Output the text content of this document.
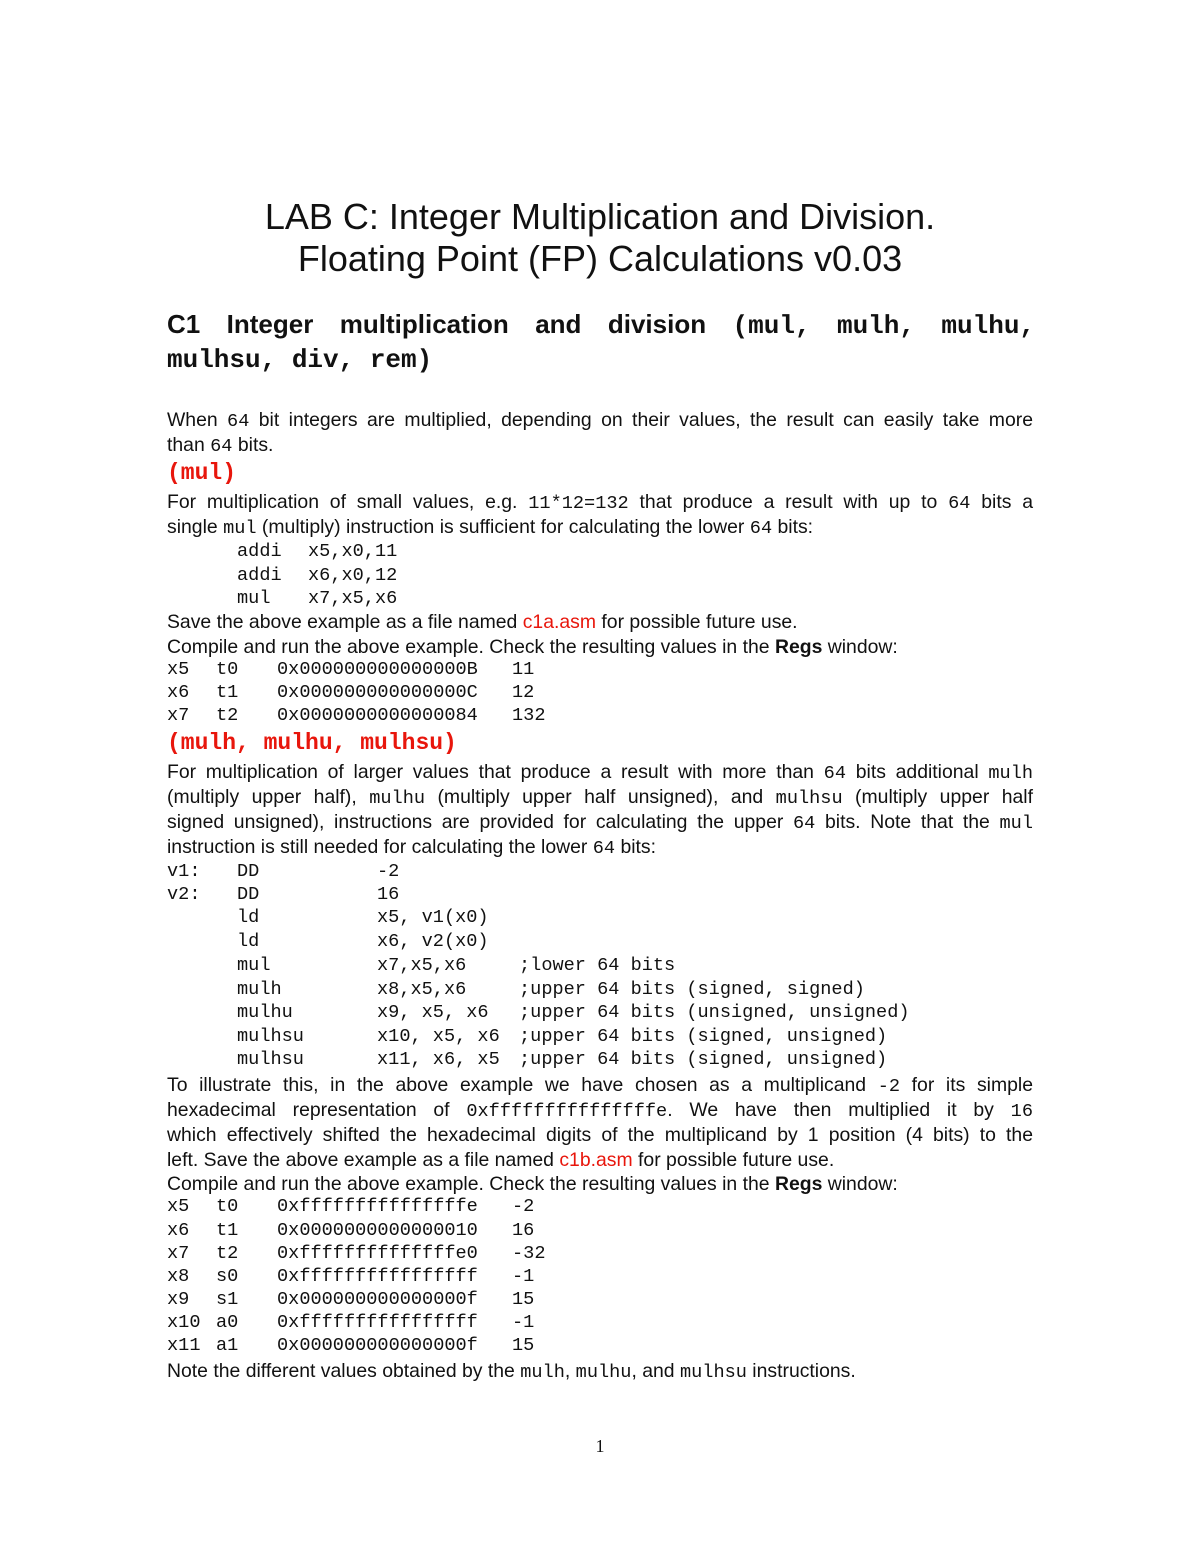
LAB C: Integer Multiplication and Division.
Floating Point (FP) Calculations v0.03
C1 Integer multiplication and division (mul, mulh, mulhu,
mulhsu, div, rem)
When 64 bit integers are multiplied, depending on their values, the result can easily take more
than 64 bits.
(mul)
For multiplication of small values, e.g. 11*12=132 that produce a result with up to 64 bits a
single mul (multiply) instruction is sufficient for calculating the lower 64 bits:
addi x5,x0,11
addi x6,x0,12
mul x7,x5,x6
Save the above example as a file named c1a.asm for possible future use.
Compile and run the above example. Check the resulting values in the Regs window:
x5 t0 0x000000000000000B 11
x6 t1 0x000000000000000C 12
x7 t2 0x0000000000000084 132
(mulh, mulhu, mulhsu)
For multiplication of larger values that produce a result with more than 64 bits additional mulh
(multiply upper half), mulhu (multiply upper half unsigned), and mulhsu (multiply upper half
signed unsigned), instructions are provided for calculating the upper 64 bits. Note that the mul
instruction is still needed for calculating the lower 64 bits:
v1: DD	-2
v2: DD	16
ld	x5, v1(x0)
ld	x6, v2(x0)
mul	x7,x5,x6	;lower 64 bits
mulh	x8,x5,x6	;upper 64 bits (signed, signed)
mulhu	x9, x5, x6 ;upper 64 bits (unsigned, unsigned)
mulhsu	x10, x5, x6 ;upper 64 bits (signed, unsigned)
mulhsu	x11, x6, x5 ;upper 64 bits (signed, unsigned)
To illustrate this, in the above example we have chosen as a multiplicand -2 for its simple
hexadecimal representation of 0xfffffffffffffffe. We have then multiplied it by 16
which effectively shifted the hexadecimal digits of the multiplicand by 1 position (4 bits) to the
left. Save the above example as a file named c1b.asm for possible future use.
Compile and run the above example. Check the resulting values in the Regs window:
x5 t0 0xfffffffffffffffe -2
x6 t1 0x0000000000000010 16
x7 t2 0xffffffffffffffe0 -32
x8 s0 0xffffffffffffffff -1
x9 s1 0x000000000000000f 15
x10 a0 0xffffffffffffffff -1
x11 a1 0x000000000000000f 15
Note the different values obtained by the mulh, mulhu, and mulhsu instructions.
1
